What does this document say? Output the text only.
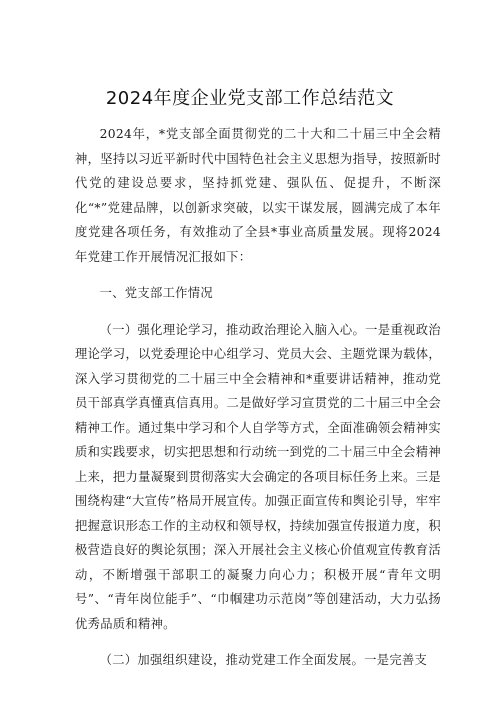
2024年度企业党支部工作总结范文

2024年，*党支部全面贯彻党的二十大和二十届三中全会精神，坚持以习近平新时代中国特色社会主义思想为指导，按照新时代党的建设总要求，坚持抓党建、强队伍、促提升，不断深化“*”党建品牌，以创新求突破，以实干谋发展，圆满完成了本年度党建各项任务，有效推动了全县*事业高质量发展。现将2024年党建工作开展情况汇报如下：

一、党支部工作情况

（一）强化理论学习，推动政治理论入脑入心。一是重视政治理论学习，以党委理论中心组学习、党员大会、主题党课为载体，深入学习贯彻党的二十届三中全会精神和*重要讲话精神，推动党员干部真学真懂真信真用。二是做好学习宣贯党的二十届三中全会精神工作。通过集中学习和个人自学等方式，全面准确领会精神实质和实践要求，切实把思想和行动统一到党的二十届三中全会精神上来，把力量凝聚到贯彻落实大会确定的各项目标任务上来。三是围绕构建“大宣传”格局开展宣传。加强正面宣传和舆论引导，牢牢把握意识形态工作的主动权和领导权，持续加强宣传报道力度，积极营造良好的舆论氛围；深入开展社会主义核心价值观宣传教育活动，不断增强干部职工的凝聚力向心力；积极开展“青年文明号”、“青年岗位能手”、“巾帼建功示范岗”等创建活动，大力弘扬优秀品质和精神。

（二）加强组织建设，推动党建工作全面发展。一是完善支
